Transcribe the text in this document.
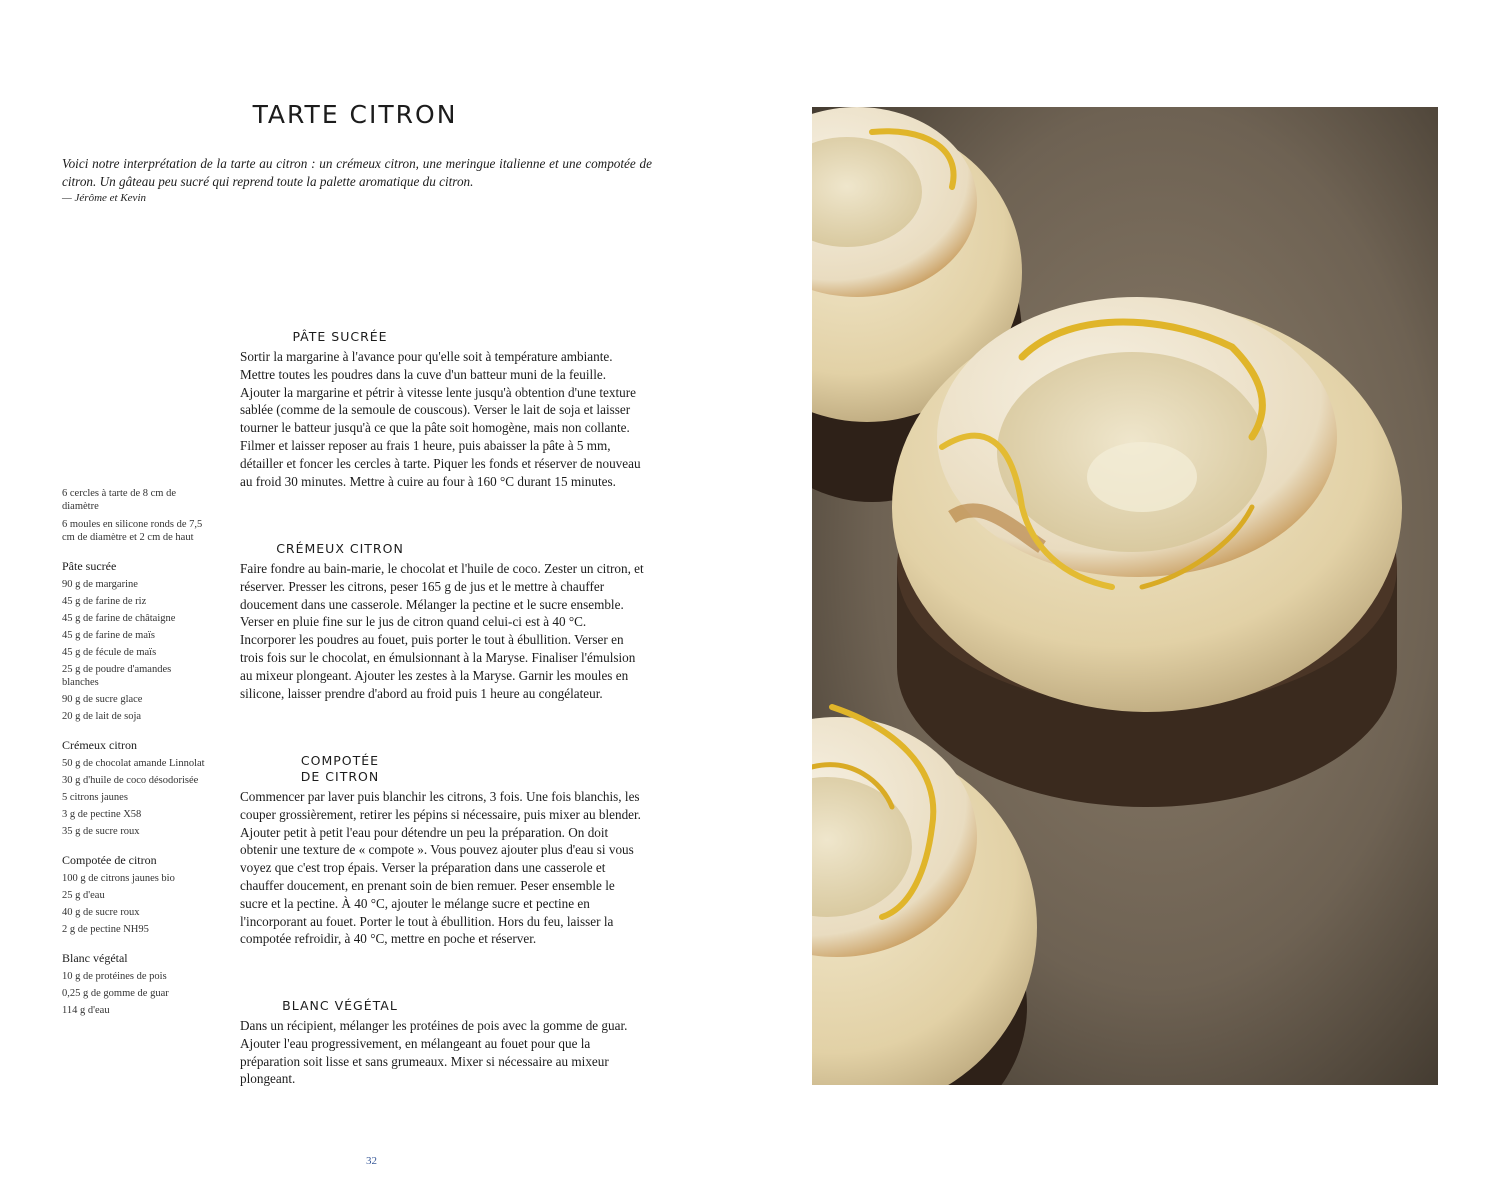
TARTE CITRON

Voici notre interprétation de la tarte au citron : un crémeux citron, une meringue italienne et une compotée de citron. Un gâteau peu sucré qui reprend toute la palette aromatique du citron.

— Jérôme et Kevin

6 cercles à tarte de 8 cm de diamètre
6 moules en silicone ronds de 7,5 cm de diamètre et 2 cm de haut
Pâte sucrée
90 g de margarine
45 g de farine de riz
45 g de farine de châtaigne
45 g de farine de maïs
45 g de fécule de maïs
25 g de poudre d'amandes blanches
90 g de sucre glace
20 g de lait de soja
Crémeux citron
50 g de chocolat amande Linnolat
30 g d'huile de coco désodorisée
5 citrons jaunes
3 g de pectine X58
35 g de sucre roux
Compotée de citron
100 g de citrons jaunes bio
25 g d'eau
40 g de sucre roux
2 g de pectine NH95
Blanc végétal
10 g de protéines de pois
0,25 g de gomme de guar
114 g d'eau
PÂTE SUCRÉE

Sortir la margarine à l'avance pour qu'elle soit à température ambiante. Mettre toutes les poudres dans la cuve d'un batteur muni de la feuille. Ajouter la margarine et pétrir à vitesse lente jusqu'à obtention d'une texture sablée (comme de la semoule de couscous). Verser le lait de soja et laisser tourner le batteur jusqu'à ce que la pâte soit homogène, mais non collante. Filmer et laisser reposer au frais 1 heure, puis abaisser la pâte à 5 mm, détailler et foncer les cercles à tarte. Piquer les fonds et réserver de nouveau au froid 30 minutes. Mettre à cuire au four à 160 °C durant 15 minutes.

CRÉMEUX CITRON

Faire fondre au bain-marie, le chocolat et l'huile de coco. Zester un citron, et réserver. Presser les citrons, peser 165 g de jus et le mettre à chauffer doucement dans une casserole. Mélanger la pectine et le sucre ensemble. Verser en pluie fine sur le jus de citron quand celui-ci est à 40 °C. Incorporer les poudres au fouet, puis porter le tout à ébullition. Verser en trois fois sur le chocolat, en émulsionnant à la Maryse. Finaliser l'émulsion au mixeur plongeant. Ajouter les zestes à la Maryse. Garnir les moules en silicone, laisser prendre d'abord au froid puis 1 heure au congélateur.

COMPOTÉE DE CITRON

Commencer par laver puis blanchir les citrons, 3 fois. Une fois blanchis, les couper grossièrement, retirer les pépins si nécessaire, puis mixer au blender. Ajouter petit à petit l'eau pour détendre un peu la préparation. On doit obtenir une texture de « compote ». Vous pouvez ajouter plus d'eau si vous voyez que c'est trop épais. Verser la préparation dans une casserole et chauffer doucement, en prenant soin de bien remuer. Peser ensemble le sucre et la pectine. À 40 °C, ajouter le mélange sucre et pectine en l'incorporant au fouet. Porter le tout à ébullition. Hors du feu, laisser la compotée refroidir, à 40 °C, mettre en poche et réserver.

BLANC VÉGÉTAL

Dans un récipient, mélanger les protéines de pois avec la gomme de guar. Ajouter l'eau progressivement, en mélangeant au fouet pour que la préparation soit lisse et sans grumeaux. Mixer si nécessaire au mixeur plongeant.

32
